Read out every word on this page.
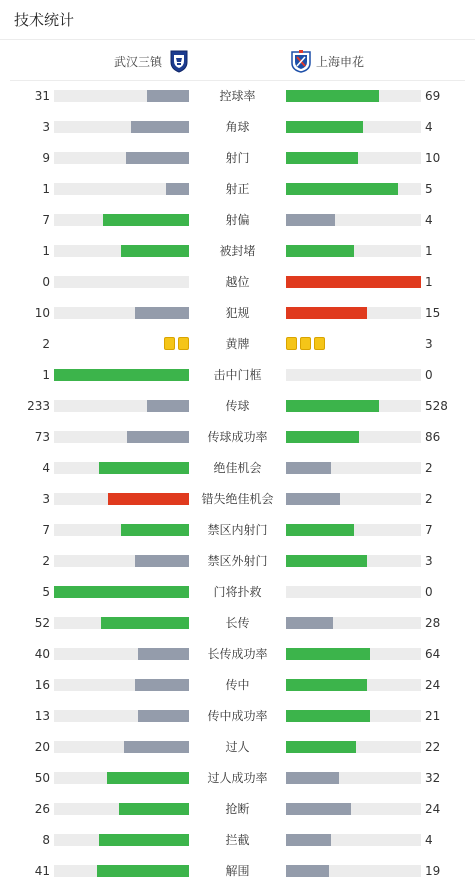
技术统计
武汉三镇	上海申花
31	控球率	69
3	角球	4
9	射门	10
1	射正	5
7	射偏	4
1	被封堵	1
0	越位	1
10	犯规	15
2	黄牌	3
1	击中门框	0
233	传球	528
73	传球成功率	86
4	绝佳机会	2
3	错失绝佳机会	2
7	禁区内射门	7
2	禁区外射门	3
5	门将扑救	0
52	长传	28
40	长传成功率	64
16	传中	24
13	传中成功率	21
20	过人	22
50	过人成功率	32
26	抢断	24
8	拦截	4
41	解围	19
